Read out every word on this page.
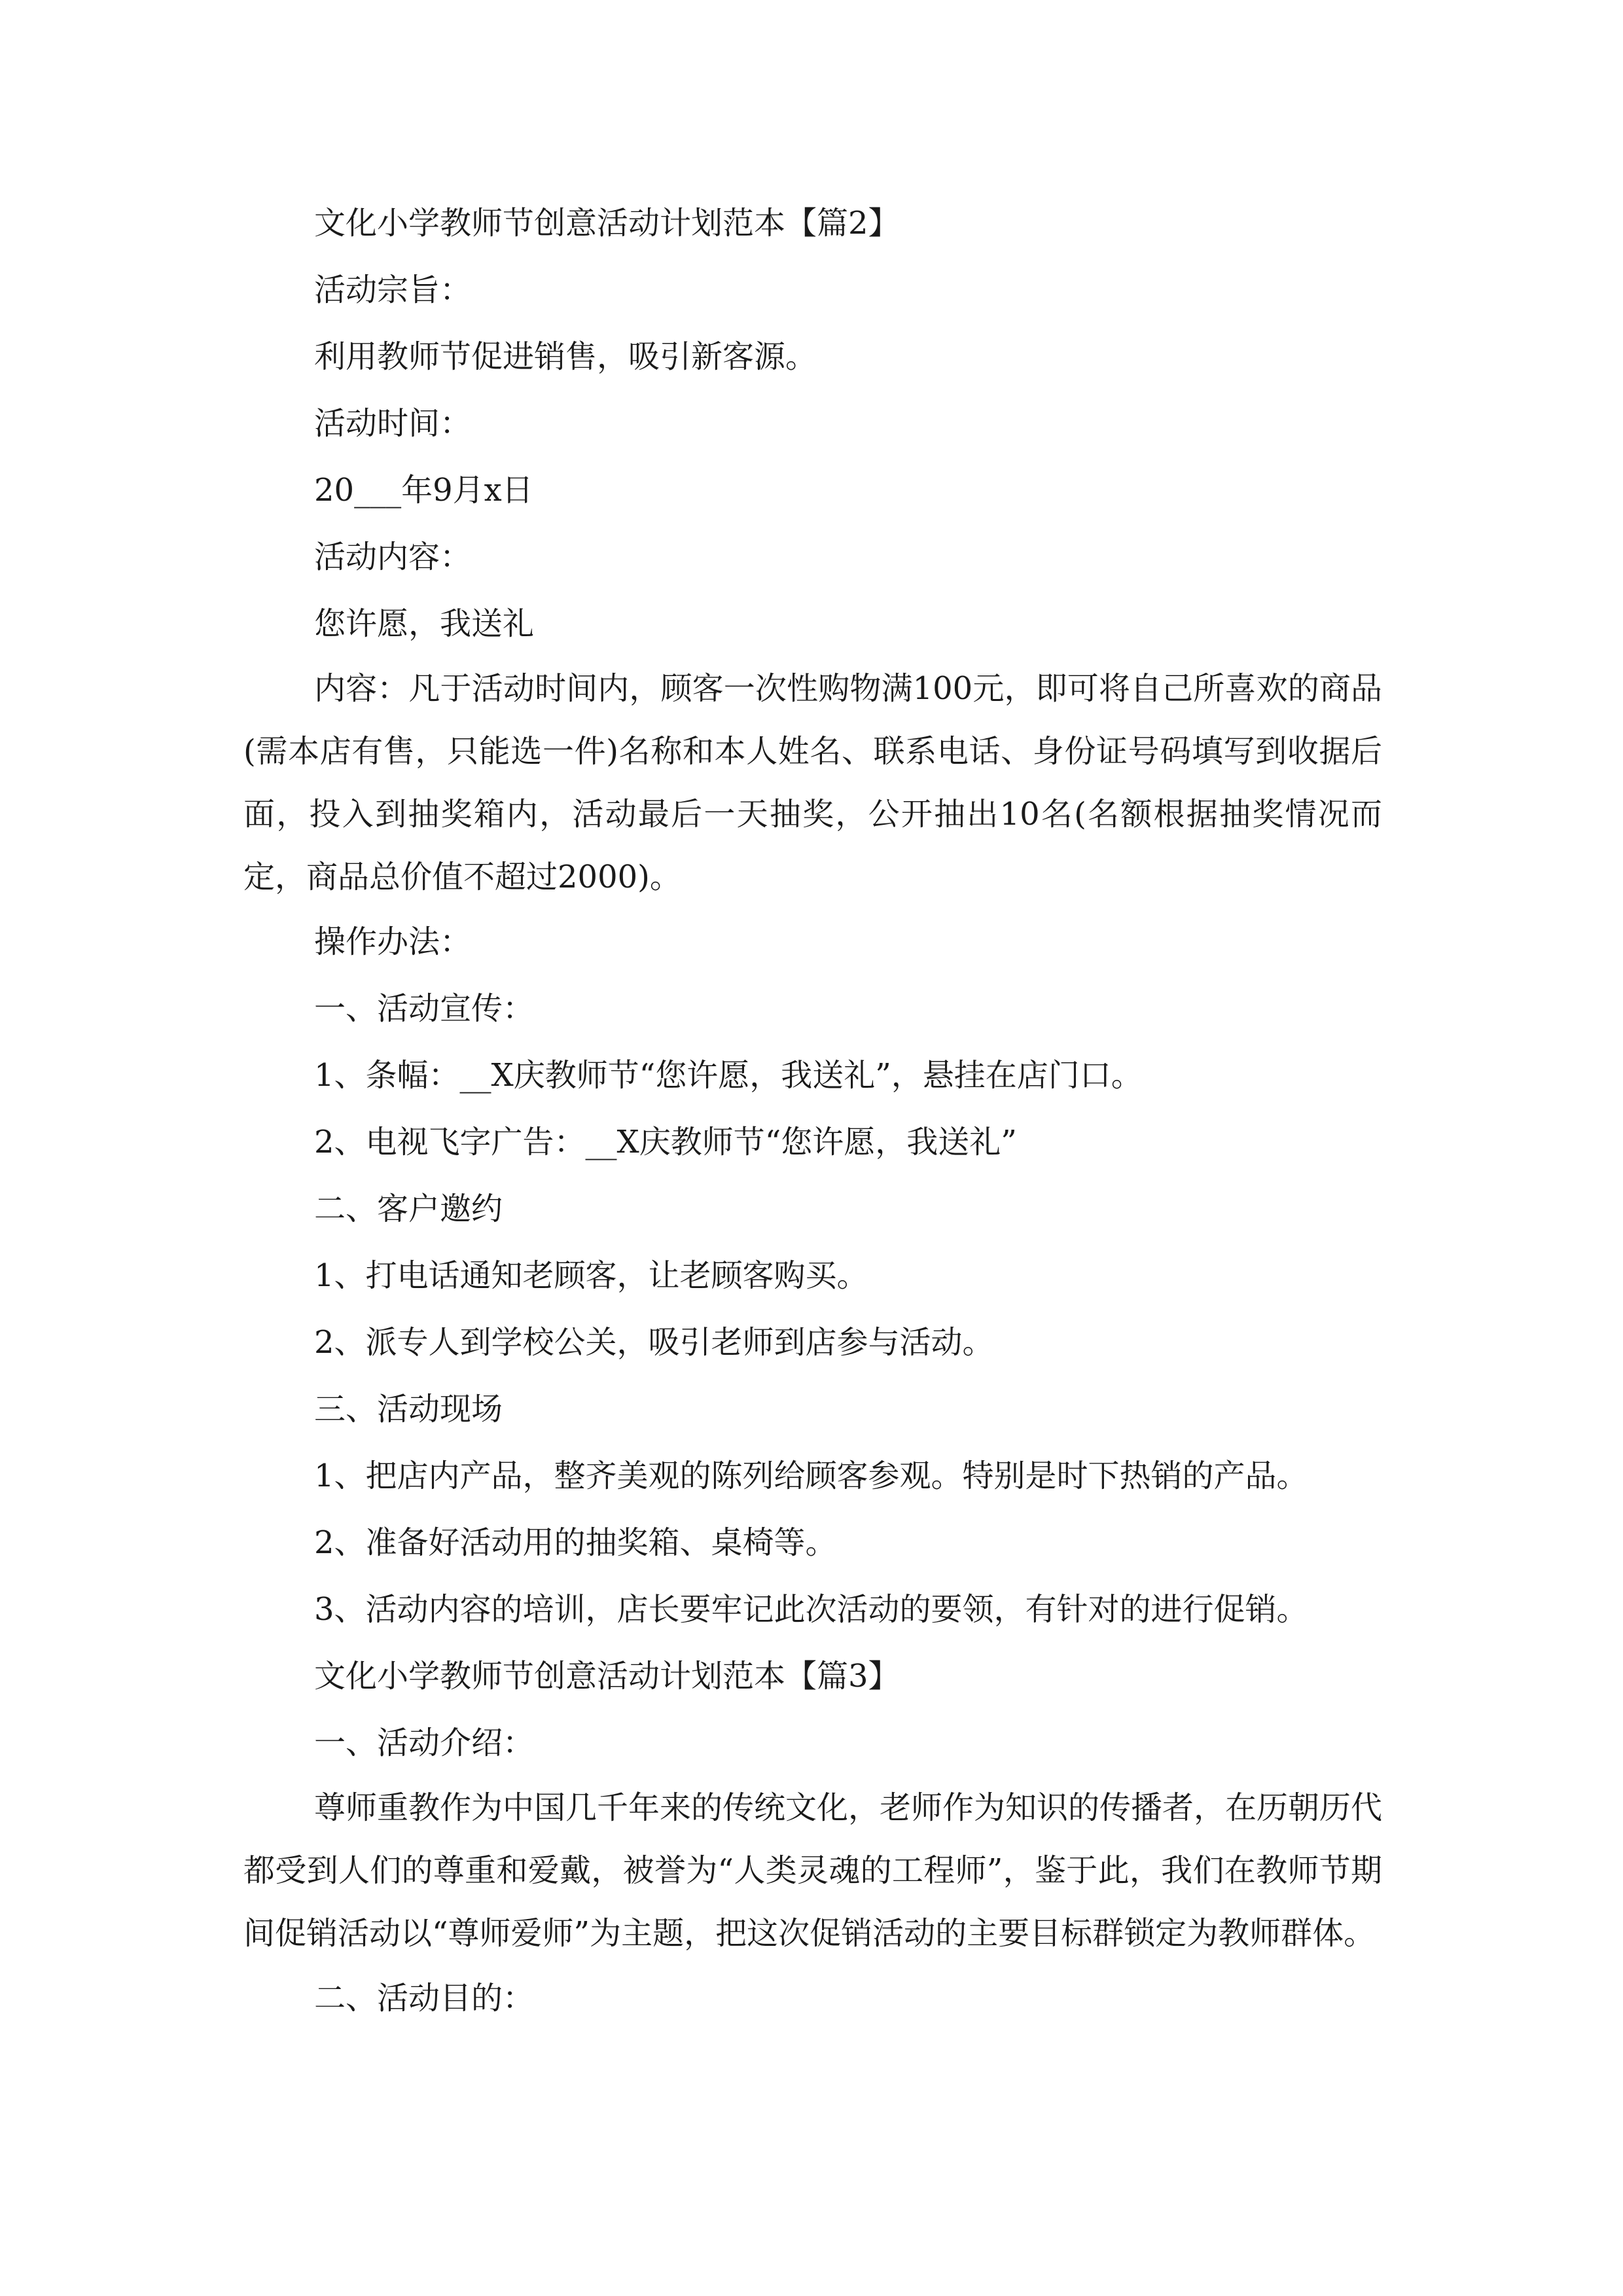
文化小学教师节创意活动计划范本【篇2】

活动宗旨：

利用教师节促进销售，吸引新客源。

活动时间：

20___年9月x日

活动内容：

您许愿，我送礼

内容：凡于活动时间内，顾客一次性购物满100元，即可将自己所喜欢的商品(需本店有售，只能选一件)名称和本人姓名、联系电话、身份证号码填写到收据后面，投入到抽奖箱内，活动最后一天抽奖，公开抽出10名(名额根据抽奖情况而定，商品总价值不超过2000)。

操作办法：

一、活动宣传：

1、条幅：__X庆教师节“您许愿，我送礼”，悬挂在店门口。

2、电视飞字广告：__X庆教师节“您许愿，我送礼”

二、客户邀约

1、打电话通知老顾客，让老顾客购买。

2、派专人到学校公关，吸引老师到店参与活动。

三、活动现场

1、把店内产品，整齐美观的陈列给顾客参观。特别是时下热销的产品。

2、准备好活动用的抽奖箱、桌椅等。

3、活动内容的培训，店长要牢记此次活动的要领，有针对的进行促销。

文化小学教师节创意活动计划范本【篇3】

一、活动介绍：

尊师重教作为中国几千年来的传统文化，老师作为知识的传播者，在历朝历代都受到人们的尊重和爱戴，被誉为“人类灵魂的工程师”，鉴于此，我们在教师节期间促销活动以“尊师爱师”为主题，把这次促销活动的主要目标群锁定为教师群体。

二、活动目的：
